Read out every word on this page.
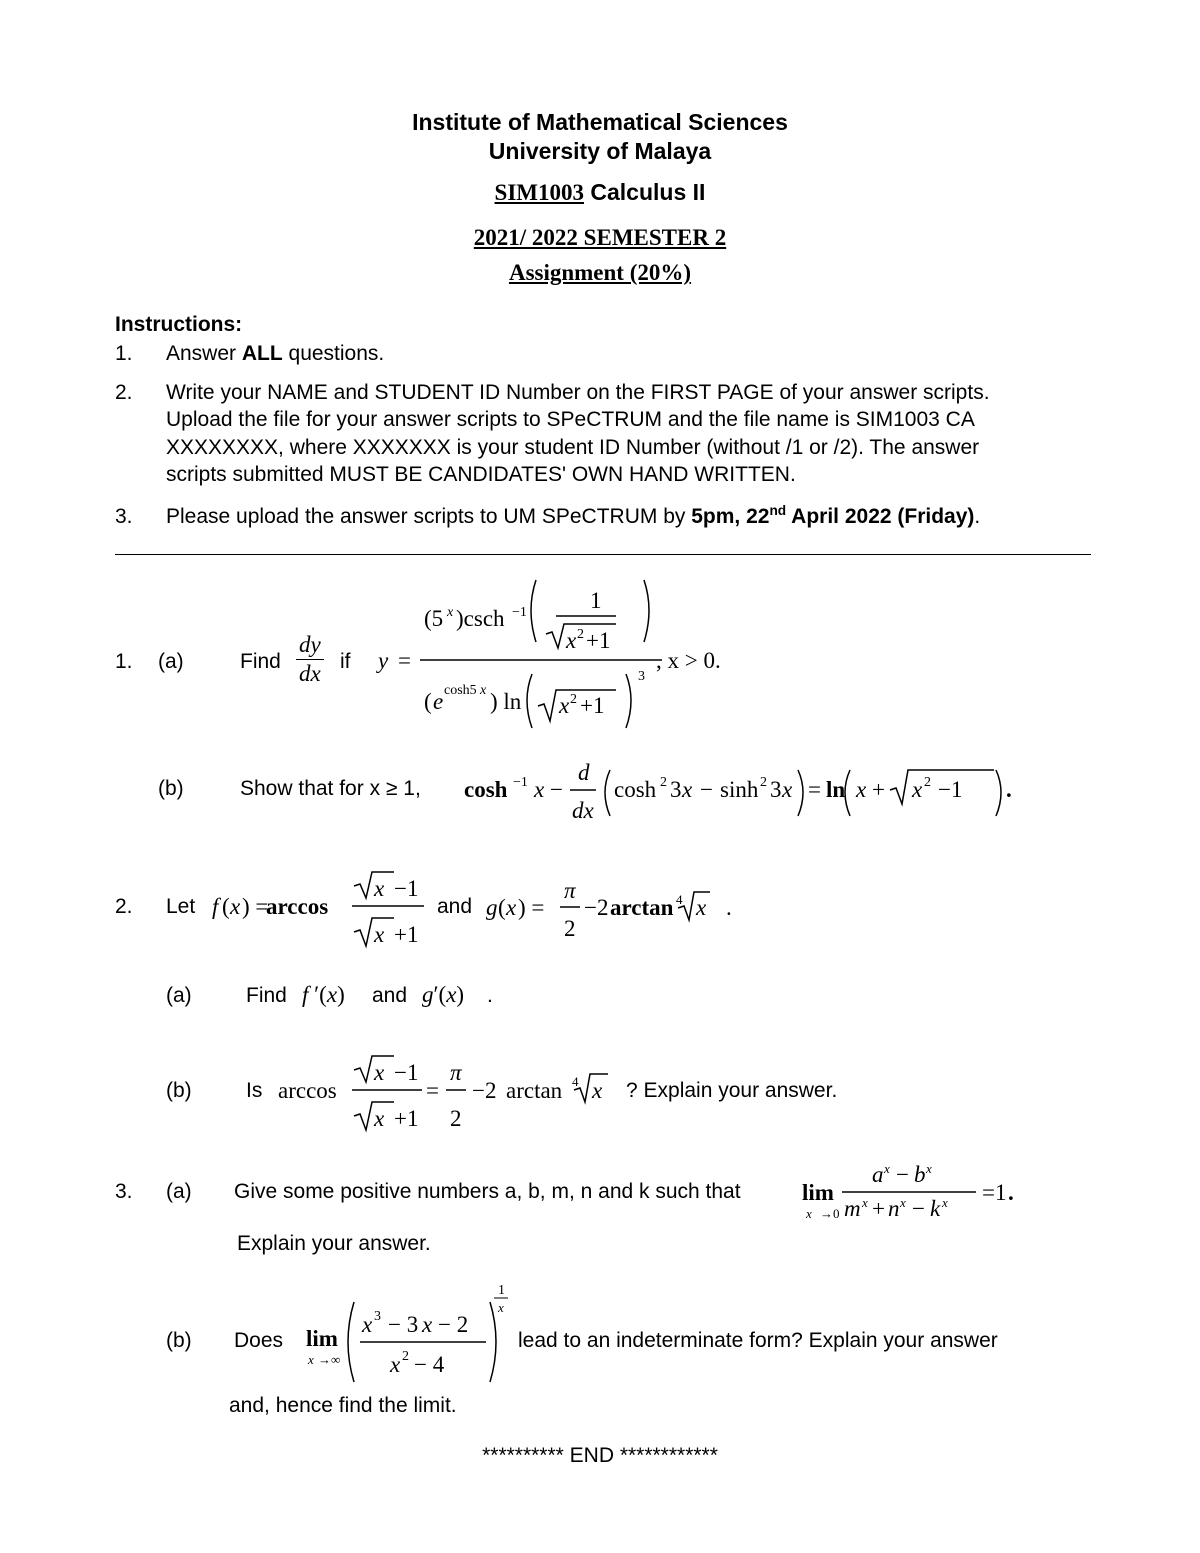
Institute of Mathematical Sciences
University of Malaya
SIM1003 Calculus II
2021/ 2022 SEMESTER 2
Assignment (20%)
Instructions:
1. Answer ALL questions.
2. Write your NAME and STUDENT ID Number on the FIRST PAGE of your answer scripts.
Upload the file for your answer scripts to SPeCTRUM and the file name is SIM1003 CA
XXXXXXXX, where XXXXXXX is your student ID Number (without /1 or /2). The answer
scripts submitted MUST BE CANDIDATES' OWN HAND WRITTEN.
3. Please upload the answer scripts to UM SPeCTRUM by 5pm, 22nd April 2022 (Friday).
1. (a)	Find $\frac{dy}{dx}$ if y =
(5 x )csch −1	1
x 2 +1
( e cosh5 x ) ln x 2 +1
3
, x > 0.
(b)	Show that for x ≥ 1, cosh −1 x −
d
dx
cosh 2 3 x − sinh 2 3 x = ln x + x 2 −1 .
2. Let f ( x ) =
arccos
x −1
x +1
and g ( x ) =
π
2
−2 arctan 4 x .
(a)	Find f ′(x) and g′(x) .
(b)	Is arccos
x −1
x +1
=
π
2
−2 arctan 4 x ? Explain your answer.
3. (a) Give some positive numbers a, b, m, n and k such that	lim
x →0
a x − b x
m x + n x − k x =1 .
Explain your answer.
(b) Does lim
x →∞
x 3 − 3 x − 2
x 2 − 4
1
x
lead to an indeterminate form? Explain your answer
and, hence find the limit.
********** END ************
